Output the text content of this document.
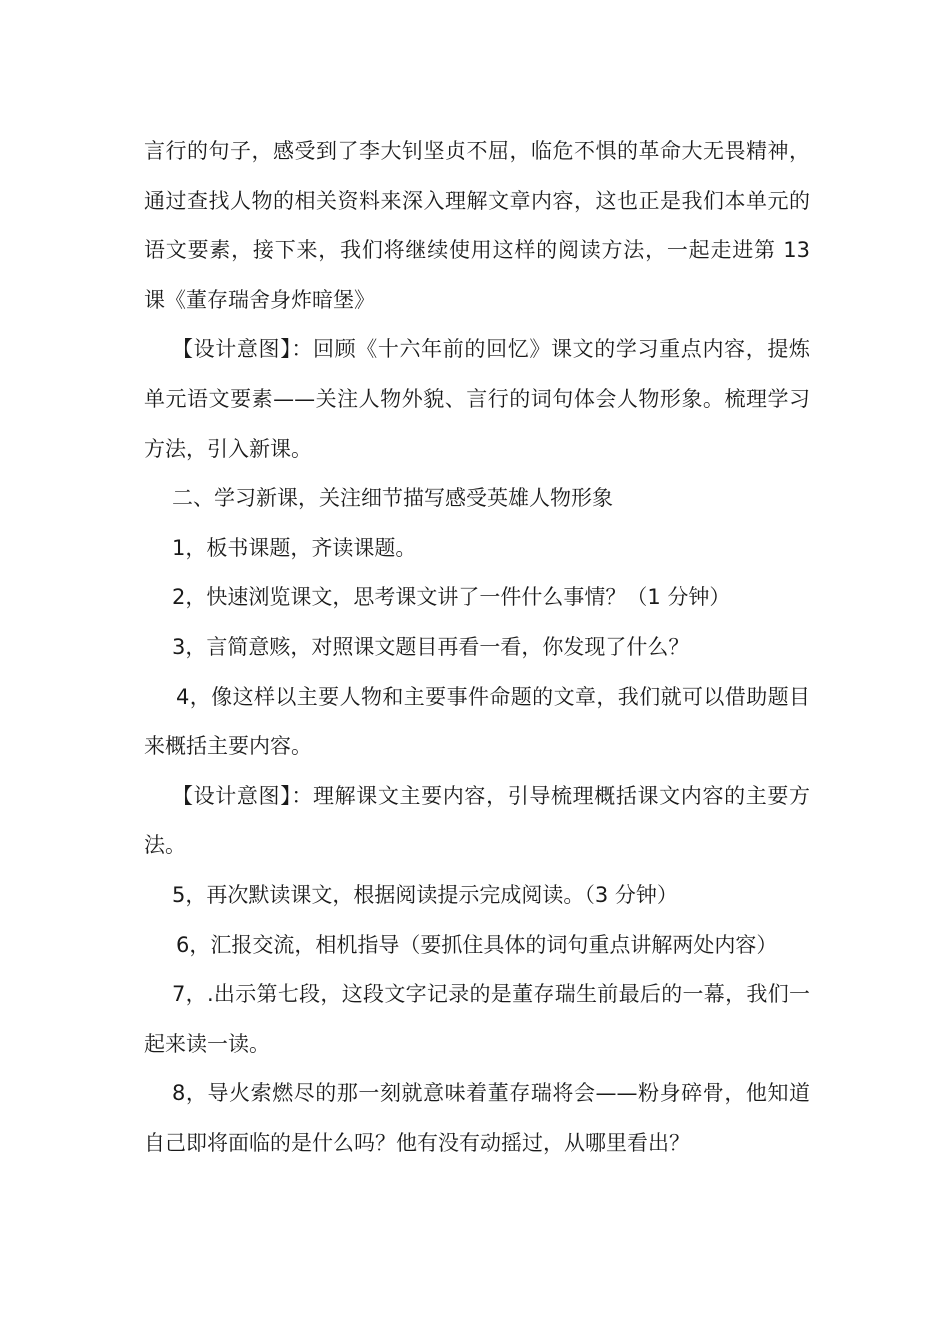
言行的句子，感受到了李大钊坚贞不屈，临危不惧的革命大无畏精神，通过查找人物的相关资料来深入理解文章内容，这也正是我们本单元的语文要素，接下来，我们将继续使用这样的阅读方法，一起走进第 13 课《董存瑞舍身炸暗堡》

【设计意图】：回顾《十六年前的回忆》课文的学习重点内容，提炼单元语文要素——关注人物外貌、言行的词句体会人物形象。梳理学习方法，引入新课。

二、学习新课，关注细节描写感受英雄人物形象

1，板书课题，齐读课题。

2，快速浏览课文，思考课文讲了一件什么事情？（1 分钟）

3，言简意赅，对照课文题目再看一看，你发现了什么？

4，像这样以主要人物和主要事件命题的文章，我们就可以借助题目来概括主要内容。

【设计意图】：理解课文主要内容，引导梳理概括课文内容的主要方法。

5，再次默读课文，根据阅读提示完成阅读。（3 分钟）

6，汇报交流，相机指导（要抓住具体的词句重点讲解两处内容）

7，.出示第七段，这段文字记录的是董存瑞生前最后的一幕，我们一起来读一读。

8，导火索燃尽的那一刻就意味着董存瑞将会——粉身碎骨，他知道自己即将面临的是什么吗？他有没有动摇过，从哪里看出？
